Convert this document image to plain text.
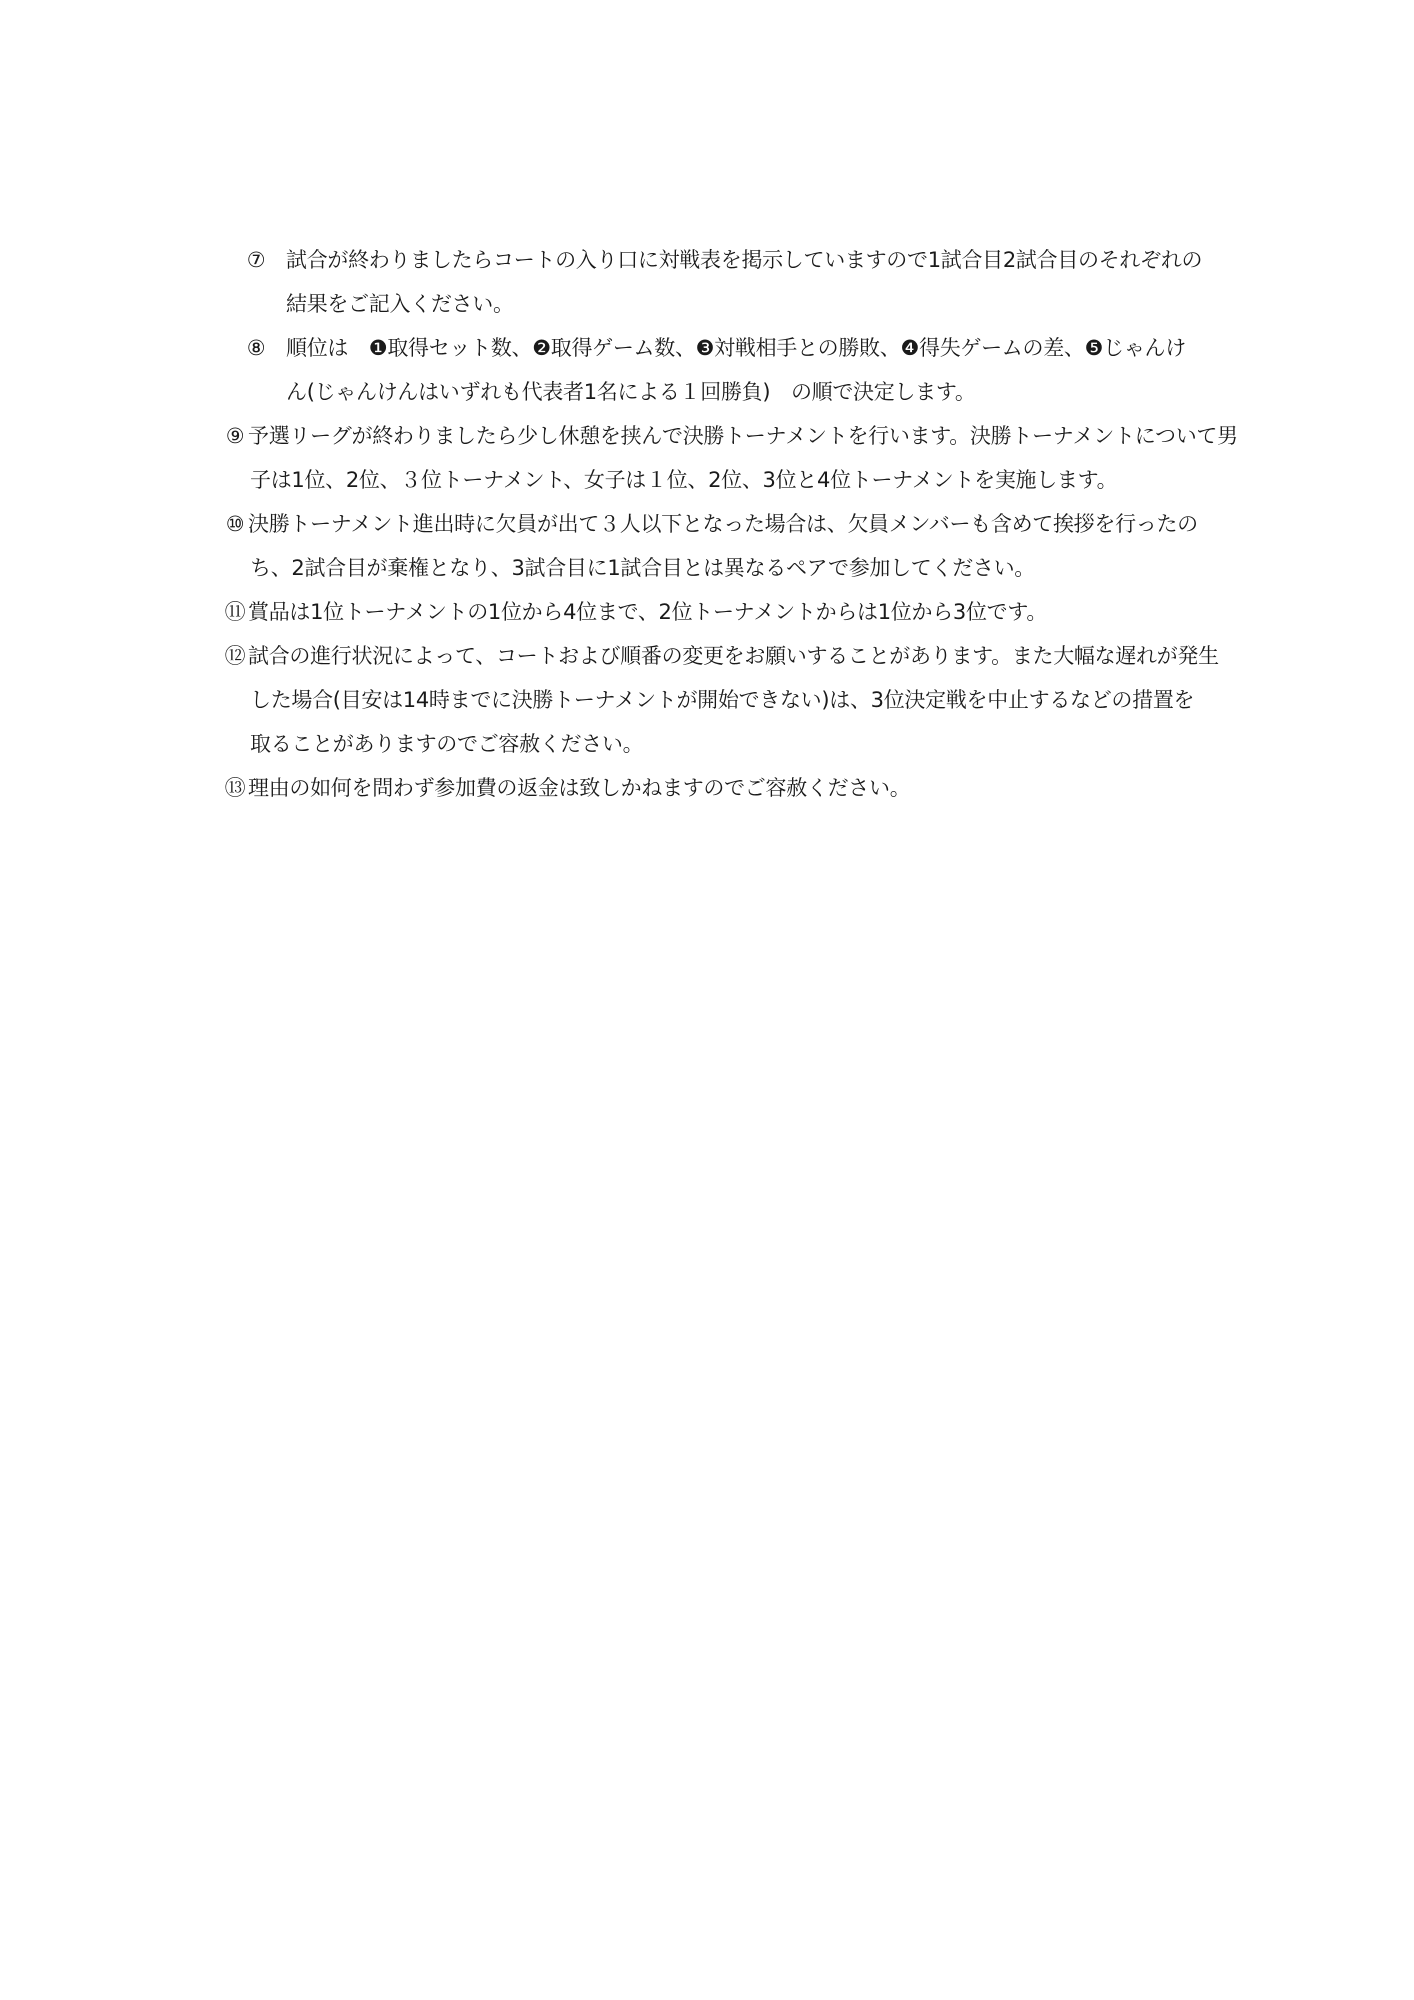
⑦ 試合が終わりましたらコートの入り口に対戦表を掲示していますので1試合目2試合目のそれぞれの
結果をご記入ください。
⑧ 順位は　❶取得セット数、❷取得ゲーム数、❸対戦相手との勝敗、❹得失ゲームの差、❺じゃんけ
ん(じゃんけんはいずれも代表者1名による１回勝負)　の順で決定します。
⑨ 予選リーグが終わりましたら少し休憩を挟んで決勝トーナメントを行います。決勝トーナメントについて男
子は1位、2位、３位トーナメント、女子は１位、2位、3位と4位トーナメントを実施します。
⑩ 決勝トーナメント進出時に欠員が出て３人以下となった場合は、欠員メンバーも含めて挨拶を行ったの
ち、2試合目が棄権となり、3試合目に1試合目とは異なるペアで参加してください。
⑪ 賞品は1位トーナメントの1位から4位まで、2位トーナメントからは1位から3位です。
⑫ 試合の進行状況によって、コートおよび順番の変更をお願いすることがあります。また大幅な遅れが発生
した場合(目安は14時までに決勝トーナメントが開始できない)は、3位決定戦を中止するなどの措置を
取ることがありますのでご容赦ください。
⑬ 理由の如何を問わず参加費の返金は致しかねますのでご容赦ください。
